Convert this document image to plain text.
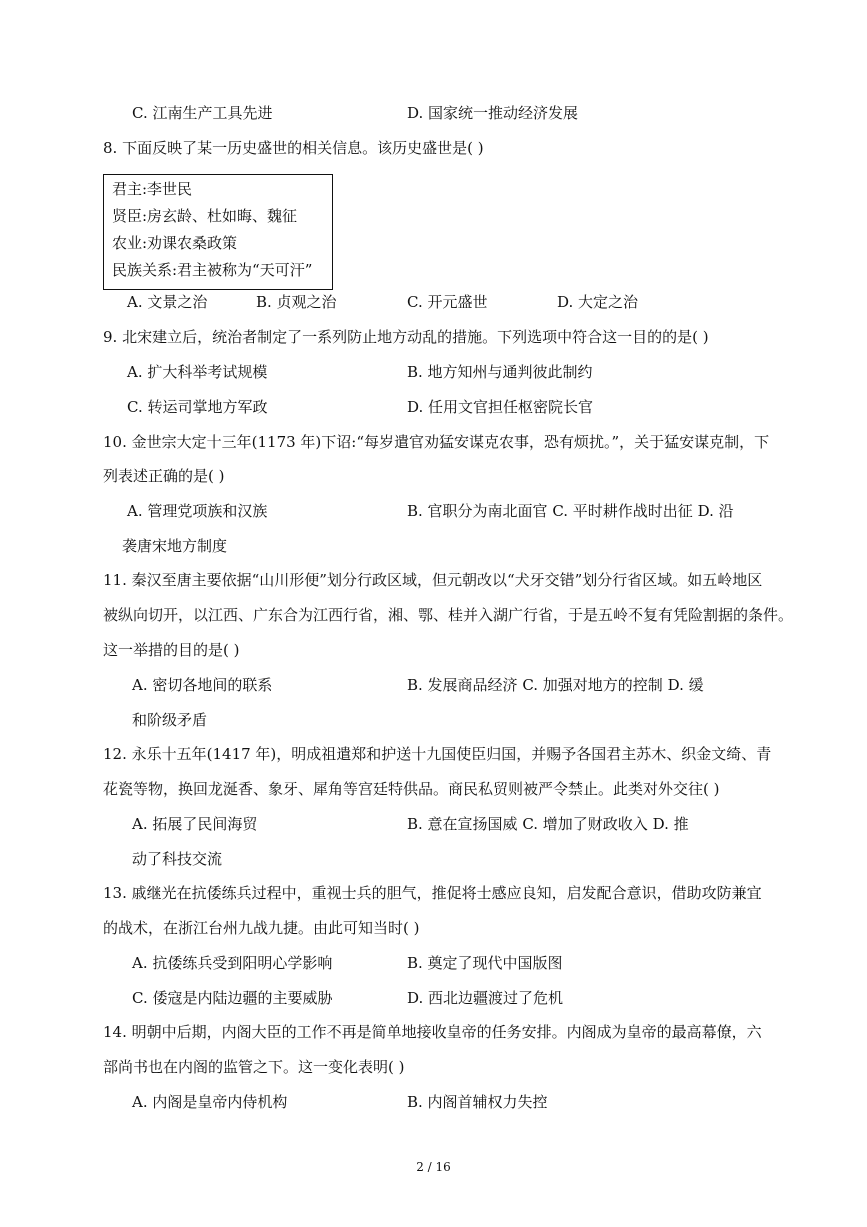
C. 江南生产工具先进	D. 国家统一推动经济发展
8. 下面反映了某一历史盛世的相关信息。该历史盛世是( )
君主:李世民
贤臣:房玄龄、杜如晦、魏征
农业:劝课农桑政策
民族关系:君主被称为“天可汗”
A. 文景之治	B. 贞观之治	C. 开元盛世	D. 大定之治
9. 北宋建立后，统治者制定了一系列防止地方动乱的措施。下列选项中符合这一目的的是( )
A. 扩大科举考试规模	B. 地方知州与通判彼此制约
C. 转运司掌地方军政	D. 任用文官担任枢密院长官
10. 金世宗大定十三年(1173 年)下诏:“每岁遣官劝猛安谋克农事，恐有烦扰。”，关于猛安谋克制，下
列表述正确的是( )
A. 管理党项族和汉族	B. 官职分为南北面官 C. 平时耕作战时出征 D. 沿
袭唐宋地方制度
11. 秦汉至唐主要依据“山川形便”划分行政区域，但元朝改以“犬牙交错”划分行省区域。如五岭地区
被纵向切开，以江西、广东合为江西行省，湘、鄂、桂并入湖广行省，于是五岭不复有凭险割据的条件。
这一举措的目的是( )
A. 密切各地间的联系	B. 发展商品经济 C. 加强对地方的控制 D. 缓
和阶级矛盾
12. 永乐十五年(1417 年)，明成祖遣郑和护送十九国使臣归国，并赐予各国君主苏木、织金文绮、青
花瓷等物，换回龙涎香、象牙、犀角等宫廷特供品。商民私贸则被严令禁止。此类对外交往( )
A. 拓展了民间海贸	B. 意在宣扬国威 C. 增加了财政收入 D. 推
动了科技交流
13. 戚继光在抗倭练兵过程中，重视士兵的胆气，推促将士感应良知，启发配合意识，借助攻防兼宜
的战术，在浙江台州九战九捷。由此可知当时( )
A. 抗倭练兵受到阳明心学影响	B. 奠定了现代中国版图
C. 倭寇是内陆边疆的主要威胁	D. 西北边疆渡过了危机
14. 明朝中后期，内阁大臣的工作不再是简单地接收皇帝的任务安排。内阁成为皇帝的最高幕僚，六
部尚书也在内阁的监管之下。这一变化表明( )
A. 内阁是皇帝内侍机构	B. 内阁首辅权力失控
2 / 16
